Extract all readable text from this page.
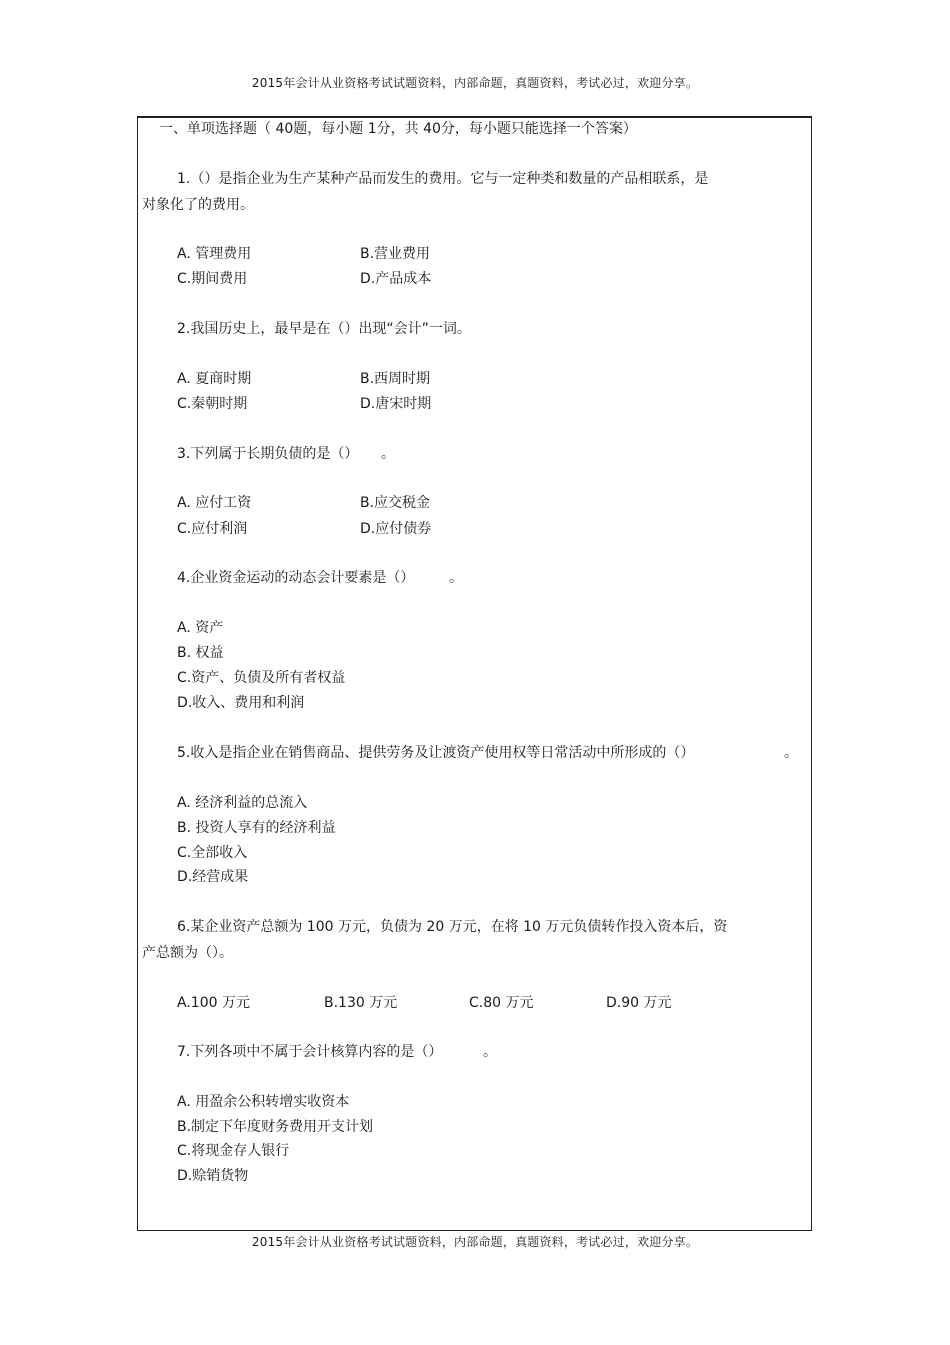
2015年会计从业资格考试试题资料，内部命题，真题资料，考试必过，欢迎分享。
一、单项选择题（ 40题，每小题 1分，共 40分，每小题只能选择一个答案）
1.（）是指企业为生产某种产品而发生的费用。它与一定种类和数量的产品相联系，是
对象化了的费用。
A. 管理费用	B.营业费用
C.期间费用	D.产品成本
2.我国历史上，最早是在（）出现“会计”一词。
A. 夏商时期	B.西周时期
C.秦朝时期	D.唐宋时期
3.下列属于长期负债的是（） 。
A. 应付工资	B.应交税金
C.应付利润	D.应付债券
4.企业资金运动的动态会计要素是（） 。
A. 资产
B. 权益
C.资产、负债及所有者权益
D.收入、费用和利润
5.收入是指企业在销售商品、提供劳务及让渡资产使用权等日常活动中所形成的（）	。
A. 经济利益的总流入
B. 投资人享有的经济利益
C.全部收入
D.经营成果
6.某企业资产总额为 100 万元，负债为 20 万元，在将 10 万元负债转作投入资本后，资
产总额为（）。
A.100 万元	B.130 万元	C.80 万元	D.90 万元
7.下列各项中不属于会计核算内容的是（）	。
A. 用盈余公积转增实收资本
B.制定下年度财务费用开支计划
C.将现金存人银行
D.赊销货物
2015年会计从业资格考试试题资料，内部命题，真题资料，考试必过，欢迎分享。
